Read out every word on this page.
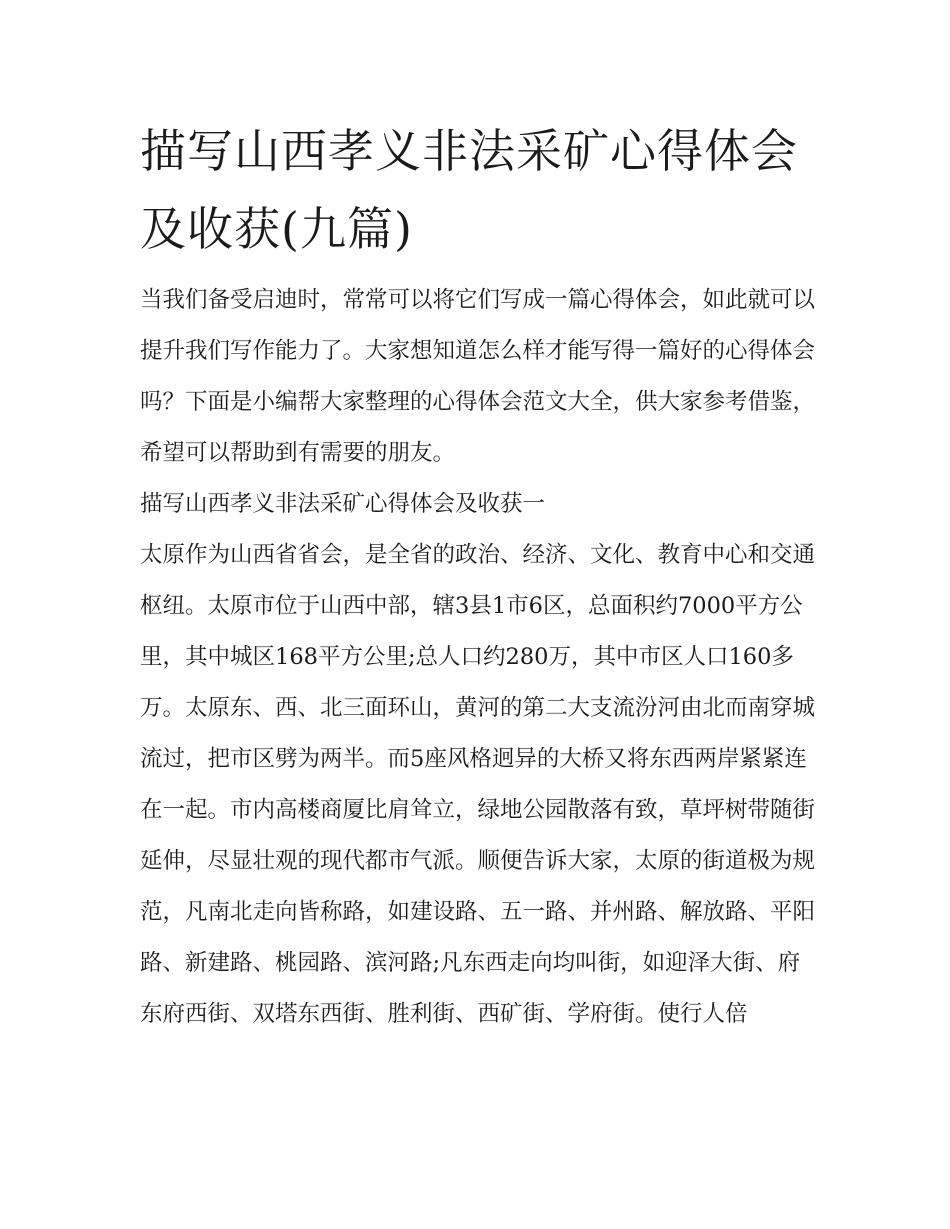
描写山西孝义非法采矿心得体会及收获(九篇)

当我们备受启迪时，常常可以将它们写成一篇心得体会，如此就可以提升我们写作能力了。大家想知道怎么样才能写得一篇好的心得体会吗？下面是小编帮大家整理的心得体会范文大全，供大家参考借鉴，希望可以帮助到有需要的朋友。

描写山西孝义非法采矿心得体会及收获一

太原作为山西省省会，是全省的政治、经济、文化、教育中心和交通枢纽。太原市位于山西中部，辖3县1市6区，总面积约7000平方公里，其中城区168平方公里;总人口约280万，其中市区人口160多万。太原东、西、北三面环山，黄河的第二大支流汾河由北而南穿城流过，把市区劈为两半。而5座风格迥异的大桥又将东西两岸紧紧连在一起。市内高楼商厦比肩耸立，绿地公园散落有致，草坪树带随街延伸，尽显壮观的现代都市气派。顺便告诉大家，太原的街道极为规范，凡南北走向皆称路，如建设路、五一路、并州路、解放路、平阳路、新建路、桃园路、滨河路;凡东西走向均叫街，如迎泽大街、府东府西街、双塔东西街、胜利街、西矿街、学府街。使行人倍
